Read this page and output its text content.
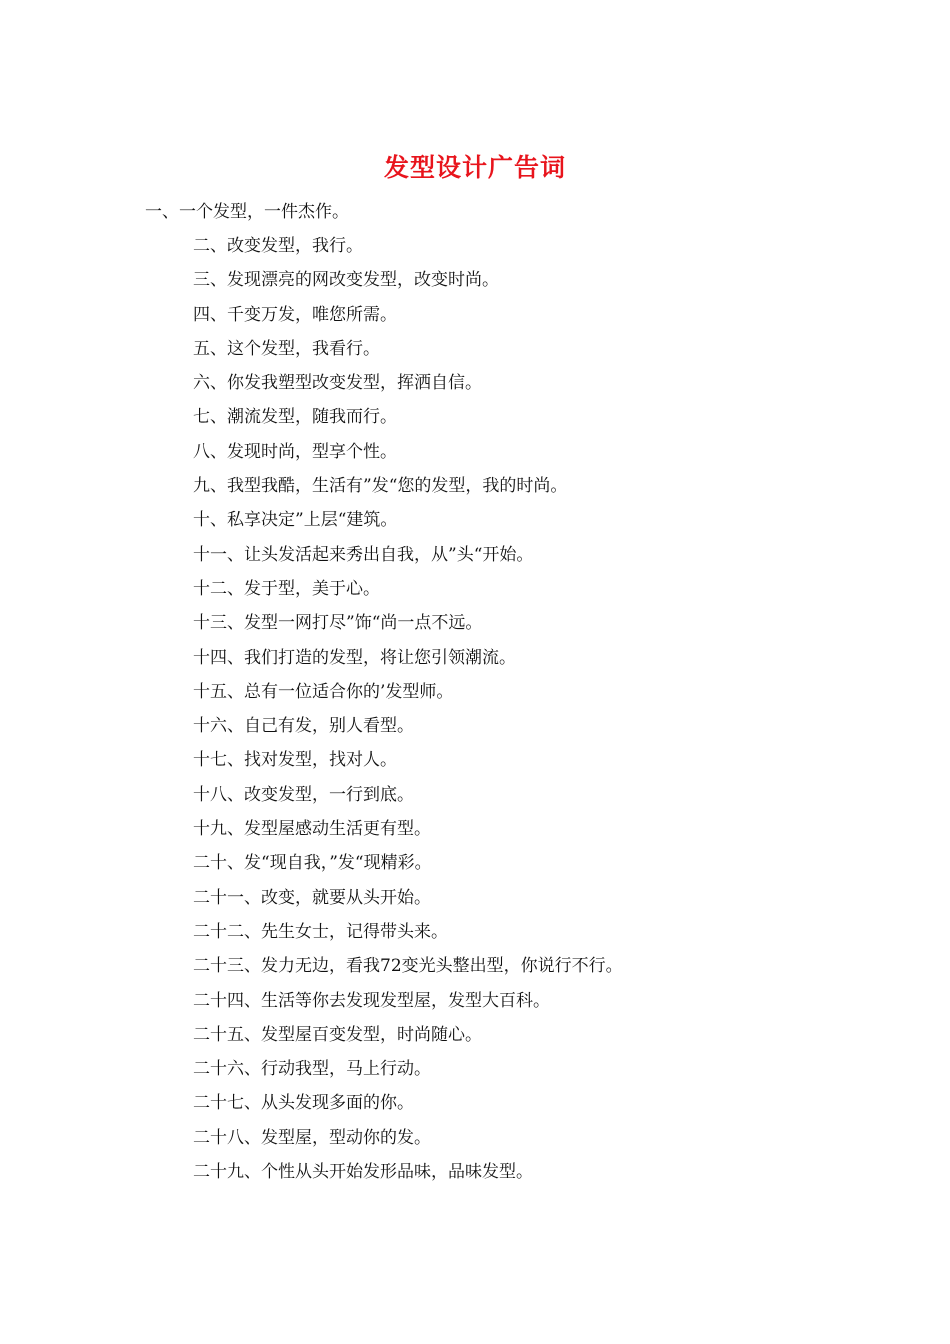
发型设计广告词
一、一个发型，一件杰作。
二、改变发型，我行。
三、发现漂亮的网改变发型，改变时尚。
四、千变万发，唯您所需。
五、这个发型，我看行。
六、你发我塑型改变发型，挥洒自信。
七、潮流发型，随我而行。
八、发现时尚，型享个性。
九、我型我酷，生活有”发“您的发型，我的时尚。
十、私享决定”上层“建筑。
十一、让头发活起来秀出自我，从”头“开始。
十二、发于型，美于心。
十三、发型一网打尽”饰“尚一点不远。
十四、我们打造的发型，将让您引领潮流。
十五、总有一位适合你的’发型师。
十六、自己有发，别人看型。
十七、找对发型，找对人。
十八、改变发型，一行到底。
十九、发型屋感动生活更有型。
二十、发“现自我，”发“现精彩。
二十一、改变，就要从头开始。
二十二、先生女士，记得带头来。
二十三、发力无边，看我72变光头整出型，你说行不行。
二十四、生活等你去发现发型屋，发型大百科。
二十五、发型屋百变发型，时尚随心。
二十六、行动我型，马上行动。
二十七、从头发现多面的你。
二十八、发型屋，型动你的发。
二十九、个性从头开始发形品味，品味发型。
